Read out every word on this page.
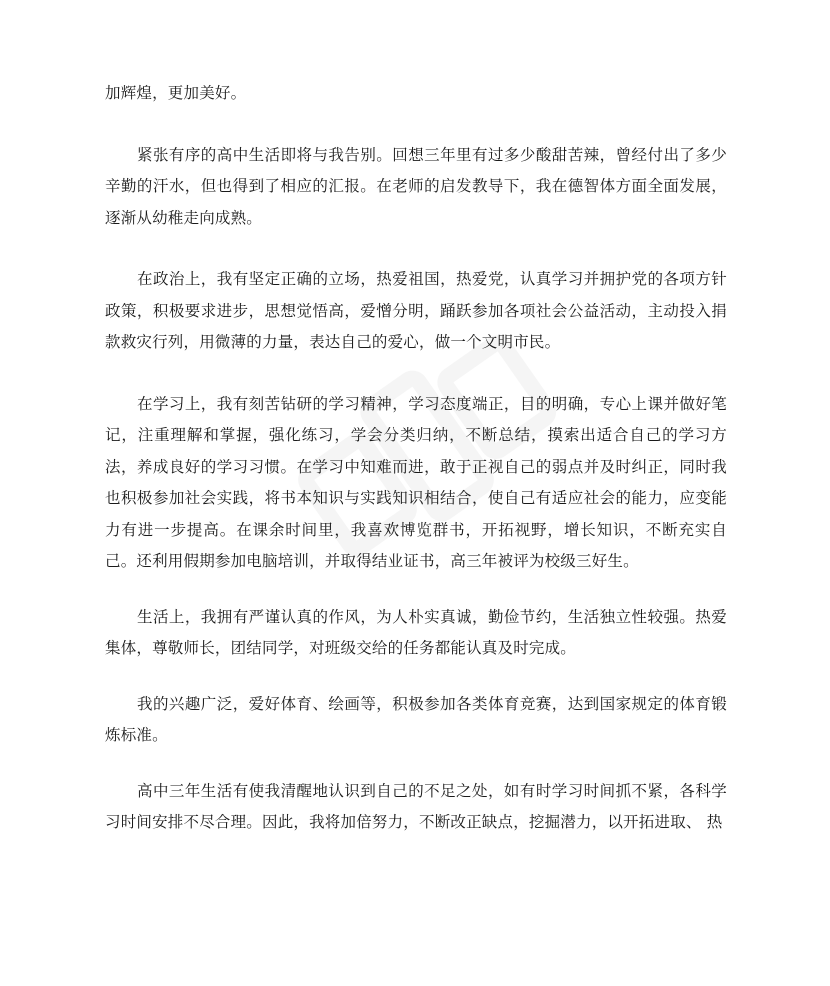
加辉煌，更加美好。

紧张有序的高中生活即将与我告别。回想三年里有过多少酸甜苦辣，曾经付出了多少辛勤的汗水，但也得到了相应的汇报。在老师的启发教导下，我在德智体方面全面发展，逐渐从幼稚走向成熟。

在政治上，我有坚定正确的立场，热爱祖国，热爱党，认真学习并拥护党的各项方针政策，积极要求进步，思想觉悟高，爱憎分明，踊跃参加各项社会公益活动，主动投入捐款救灾行列，用微薄的力量，表达自己的爱心，做一个文明市民。

在学习上，我有刻苦钻研的学习精神，学习态度端正，目的明确，专心上课并做好笔记，注重理解和掌握，强化练习，学会分类归纳，不断总结，摸索出适合自己的学习方法，养成良好的学习习惯。在学习中知难而进，敢于正视自己的弱点并及时纠正，同时我也积极参加社会实践，将书本知识与实践知识相结合，使自己有适应社会的能力，应变能力有进一步提高。在课余时间里，我喜欢博览群书，开拓视野，增长知识，不断充实自己。还利用假期参加电脑培训，并取得结业证书，高三年被评为校级三好生。

生活上，我拥有严谨认真的作风，为人朴实真诚，勤俭节约，生活独立性较强。热爱集体，尊敬师长，团结同学，对班级交给的任务都能认真及时完成。

我的兴趣广泛，爱好体育、绘画等，积极参加各类体育竞赛，达到国家规定的体育锻炼标准。

高中三年生活有使我清醒地认识到自己的不足之处，如有时学习时间抓不紧，各科学习时间安排不尽合理。因此，我将加倍努力，不断改正缺点，挖掘潜力，以开拓进取、 热
